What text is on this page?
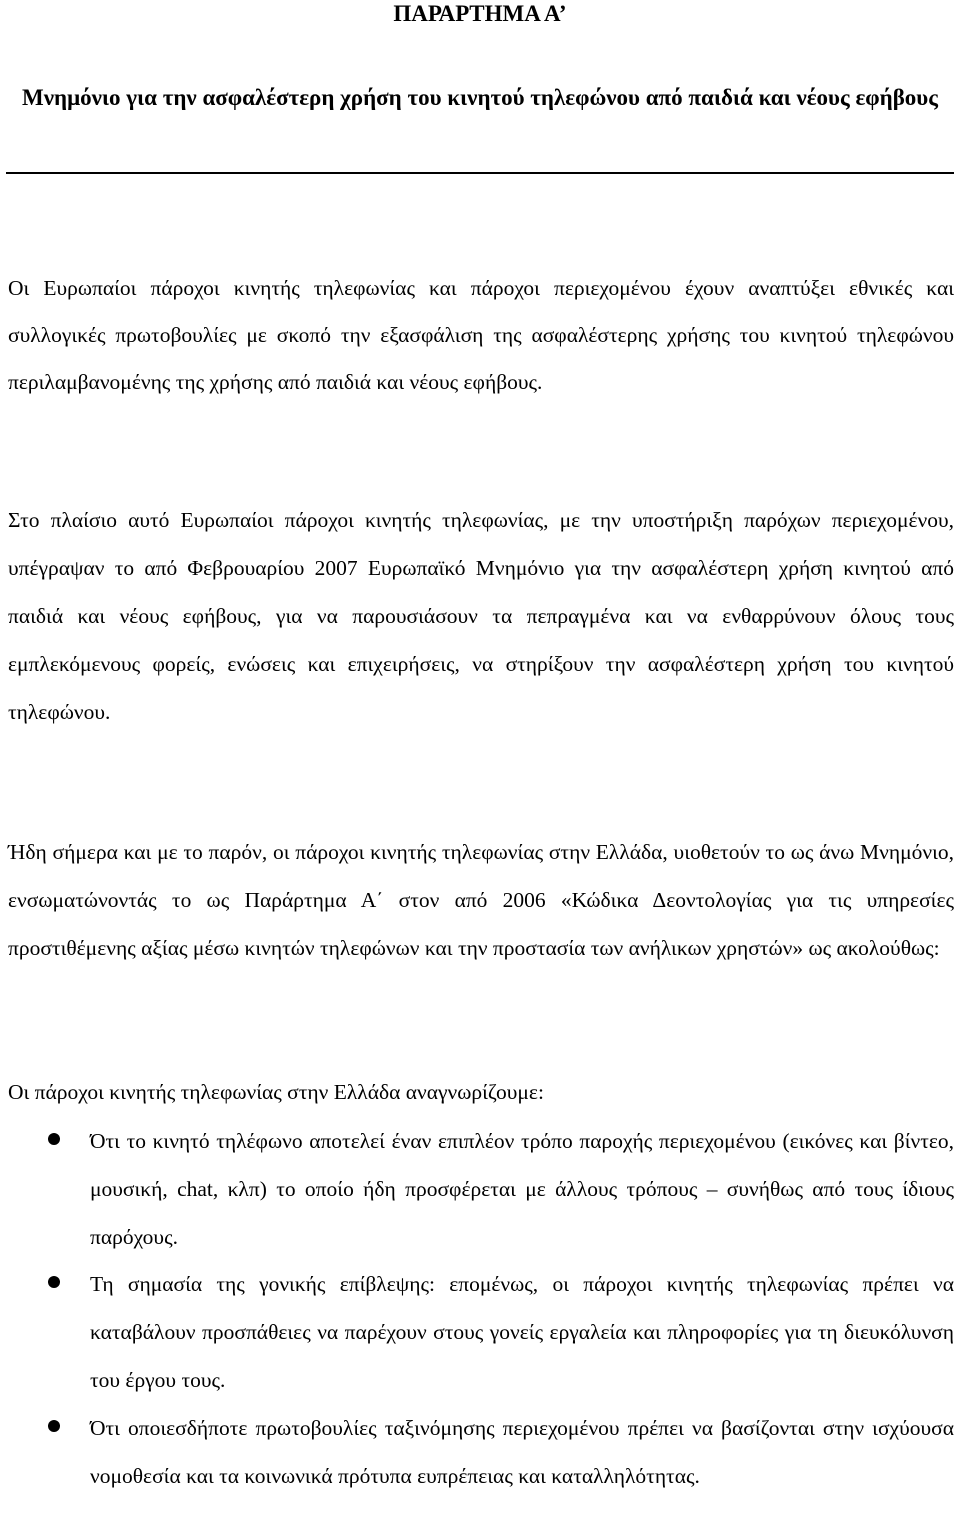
ΠΑΡΑΡΤΗΜΑ Α’
Μνημόνιο για την ασφαλέστερη χρήση του κινητού τηλεφώνου από παιδιά και νέους εφήβους

Οι Ευρωπαίοι πάροχοι κινητής τηλεφωνίας και πάροχοι περιεχομένου έχουν αναπτύξει εθνικές και συλλογικές πρωτοβουλίες με σκοπό την εξασφάλιση της ασφαλέστερης χρήσης του κινητού τηλεφώνου περιλαμβανομένης της χρήσης από παιδιά και νέους εφήβους.

Στο πλαίσιο αυτό Ευρωπαίοι πάροχοι κινητής τηλεφωνίας, με την υποστήριξη παρόχων περιεχομένου, υπέγραψαν το από Φεβρουαρίου 2007 Ευρωπαϊκό Μνημόνιο για την ασφαλέστερη χρήση κινητού από παιδιά και νέους εφήβους, για να παρουσιάσουν τα πεπραγμένα και να ενθαρρύνουν όλους τους εμπλεκόμενους φορείς, ενώσεις και επιχειρήσεις, να στηρίξουν την ασφαλέστερη χρήση του κινητού τηλεφώνου.

Ήδη σήμερα και με το παρόν, οι πάροχοι κινητής τηλεφωνίας στην Ελλάδα, υιοθετούν το ως άνω Μνημόνιο, ενσωματώνοντάς το ως Παράρτημα Α΄ στον από 2006 «Κώδικα Δεοντολογίας για τις υπηρεσίες προστιθέμενης αξίας μέσω κινητών τηλεφώνων και την προστασία των ανήλικων χρηστών» ως ακολούθως:

Οι πάροχοι κινητής τηλεφωνίας στην Ελλάδα αναγνωρίζουμε:

Ότι το κινητό τηλέφωνο αποτελεί έναν επιπλέον τρόπο παροχής περιεχομένου (εικόνες και βίντεο, μουσική, chat, κλπ) το οποίο ήδη προσφέρεται με άλλους τρόπους – συνήθως από τους ίδιους παρόχους.

Τη σημασία της γονικής επίβλεψης: επομένως, οι πάροχοι κινητής τηλεφωνίας πρέπει να καταβάλουν προσπάθειες να παρέχουν στους γονείς εργαλεία και πληροφορίες για τη διευκόλυνση του έργου τους.

Ότι οποιεσδήποτε πρωτοβουλίες ταξινόμησης περιεχομένου πρέπει να βασίζονται στην ισχύουσα νομοθεσία και τα κοινωνικά πρότυπα ευπρέπειας και καταλληλότητας.
